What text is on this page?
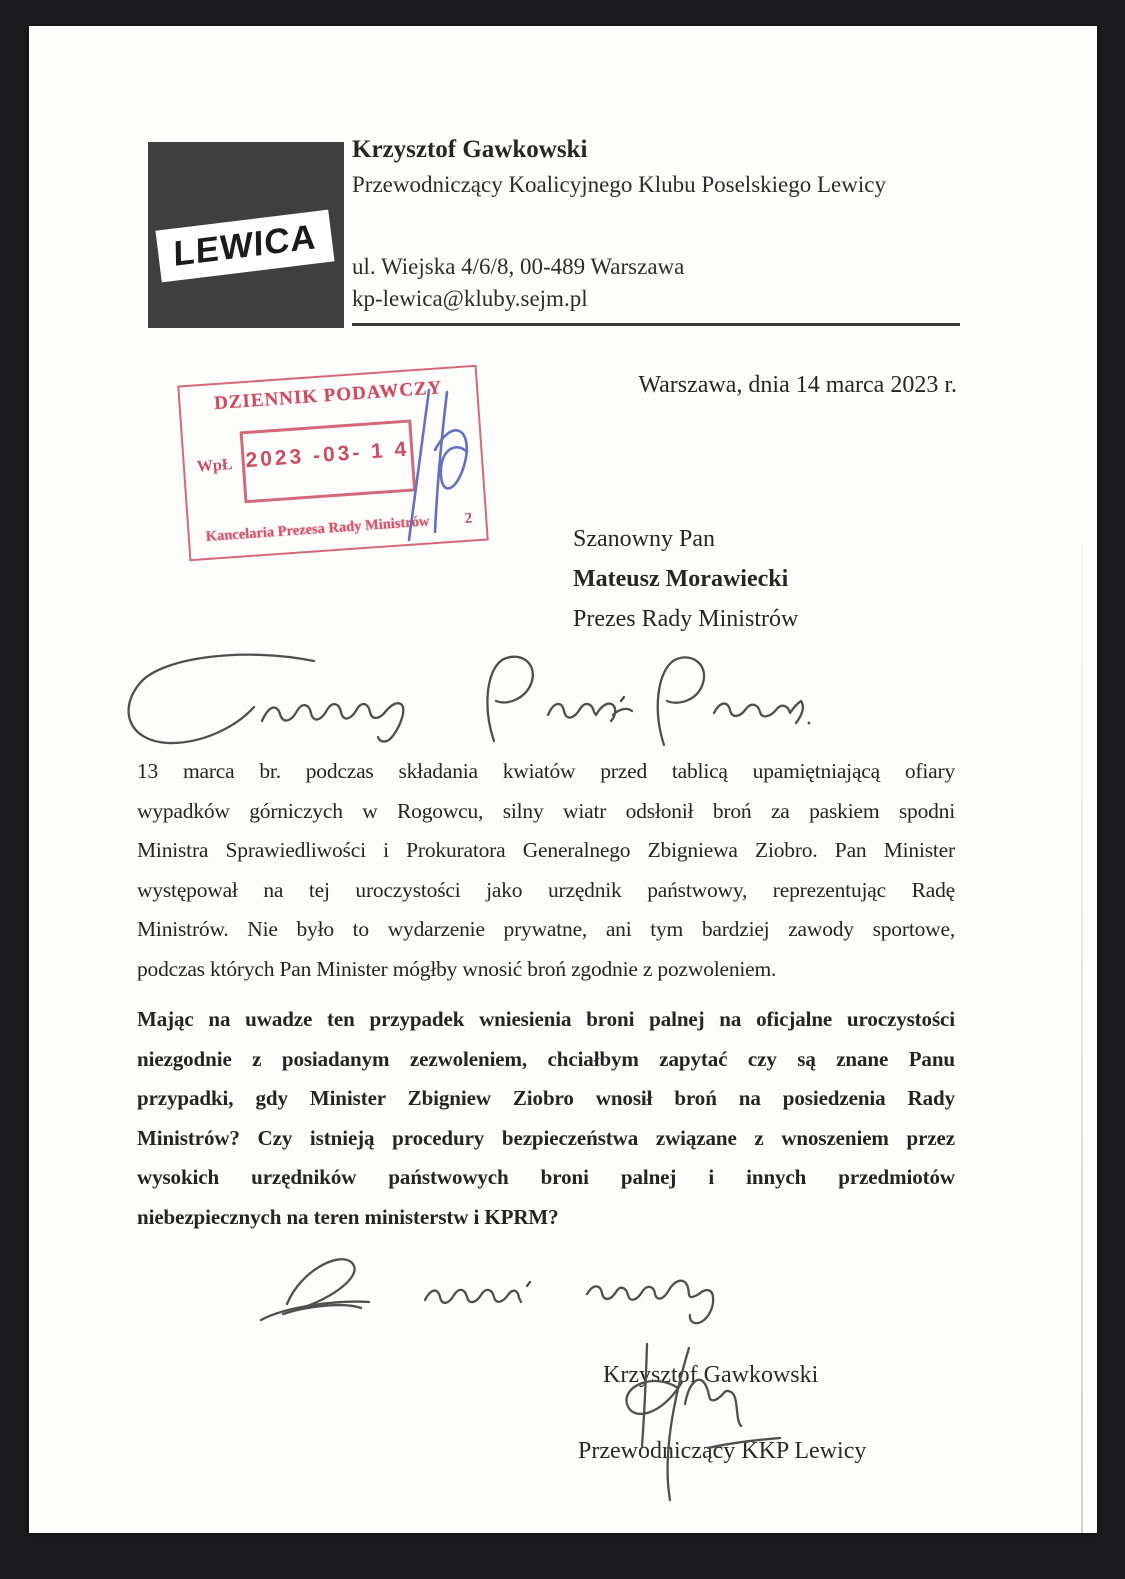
LEWICA
Krzysztof Gawkowski
Przewodniczący Koalicyjnego Klubu Poselskiego Lewicy
ul. Wiejska 4/6/8, 00-489 Warszawa
kp-lewica@kluby.sejm.pl
Warszawa, dnia 14 marca 2023 r.
DZIENNIK PODAWCZY
WpŁ 2023 -03- 1 4
Kancelaria Prezesa Rady Ministrów 2
Szanowny Pan
Mateusz Morawiecki
Prezes Rady Ministrów
13 marca br. podczas składania kwiatów przed tablicą upamiętniającą ofiary
wypadków górniczych w Rogowcu, silny wiatr odsłonił broń za paskiem spodni
Ministra Sprawiedliwości i Prokuratora Generalnego Zbigniewa Ziobro. Pan Minister
występował na tej uroczystości jako urzędnik państwowy, reprezentując Radę
Ministrów. Nie było to wydarzenie prywatne, ani tym bardziej zawody sportowe,
podczas których Pan Minister mógłby wnosić broń zgodnie z pozwoleniem.
Mając na uwadze ten przypadek wniesienia broni palnej na oficjalne uroczystości
niezgodnie z posiadanym zezwoleniem, chciałbym zapytać czy są znane Panu
przypadki, gdy Minister Zbigniew Ziobro wnosił broń na posiedzenia Rady
Ministrów? Czy istnieją procedury bezpieczeństwa związane z wnoszeniem przez
wysokich urzędników państwowych broni palnej i innych przedmiotów
niebezpiecznych na teren ministerstw i KPRM?
Krzysztof Gawkowski
Przewodniczący KKP Lewicy
